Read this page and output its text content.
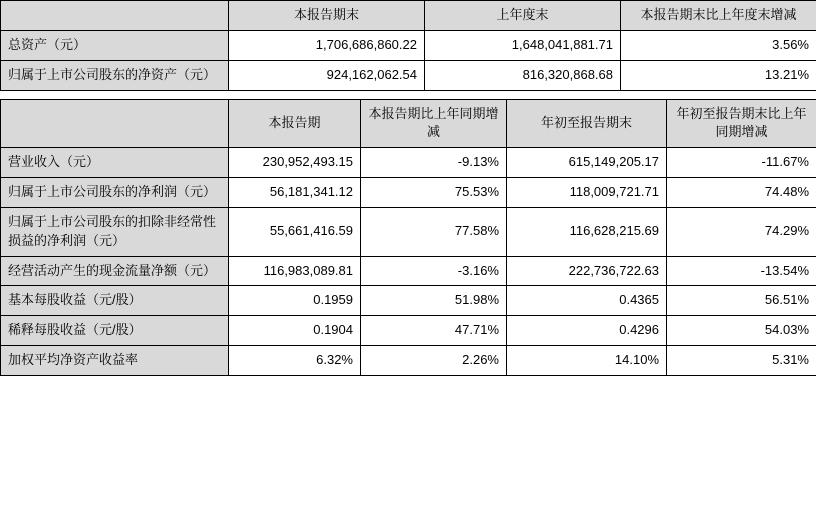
	本报告期末	上年度末	本报告期末比上年度末增减
总资产（元）	1,706,686,860.22	1,648,041,881.71	3.56%
归属于上市公司股东的净资产（元）	924,162,062.54	816,320,868.68	13.21%
	本报告期	本报告期比上年同期增减	年初至报告期末	年初至报告期末比上年同期增减
营业收入（元）	230,952,493.15	-9.13%	615,149,205.17	-11.67%
归属于上市公司股东的净利润（元）	56,181,341.12	75.53%	118,009,721.71	74.48%
归属于上市公司股东的扣除非经常性损益的净利润（元）	55,661,416.59	77.58%	116,628,215.69	74.29%
经营活动产生的现金流量净额（元）	116,983,089.81	-3.16%	222,736,722.63	-13.54%
基本每股收益（元/股）	0.1959	51.98%	0.4365	56.51%
稀释每股收益（元/股）	0.1904	47.71%	0.4296	54.03%
加权平均净资产收益率	6.32%	2.26%	14.10%	5.31%
